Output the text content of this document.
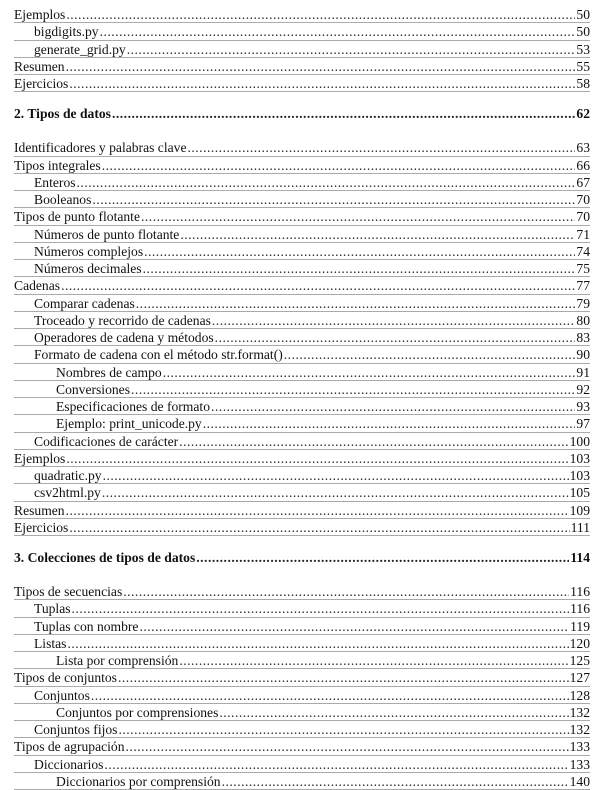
Ejemplos .....	50
bigdigits.py .....	50
generate_grid.py .....	53
Resumen .....	55
Ejercicios .....	58
2. Tipos de datos .....	62
Identificadores y palabras clave .....	63
Tipos integrales .....	66
Enteros .....	67
Booleanos .....	70
Tipos de punto flotante .....	70
Números de punto flotante .....	71
Números complejos .....	74
Números decimales .....	75
Cadenas .....	77
Comparar cadenas .....	79
Troceado y recorrido de cadenas .....	80
Operadores de cadena y métodos .....	83
Formato de cadena con el método str.format() .....	90
Nombres de campo .....	91
Conversiones .....	92
Especificaciones de formato .....	93
Ejemplo: print_unicode.py .....	97
Codificaciones de carácter .....	100
Ejemplos .....	103
quadratic.py .....	103
csv2html.py .....	105
Resumen .....	109
Ejercicios .....	111
3. Colecciones de tipos de datos .....	114
Tipos de secuencias .....	116
Tuplas .....	116
Tuplas con nombre .....	119
Listas .....	120
Lista por comprensión .....	125
Tipos de conjuntos .....	127
Conjuntos .....	128
Conjuntos por comprensiones .....	132
Conjuntos fijos .....	132
Tipos de agrupación .....	133
Diccionarios .....	133
Diccionarios por comprensión .....	140
